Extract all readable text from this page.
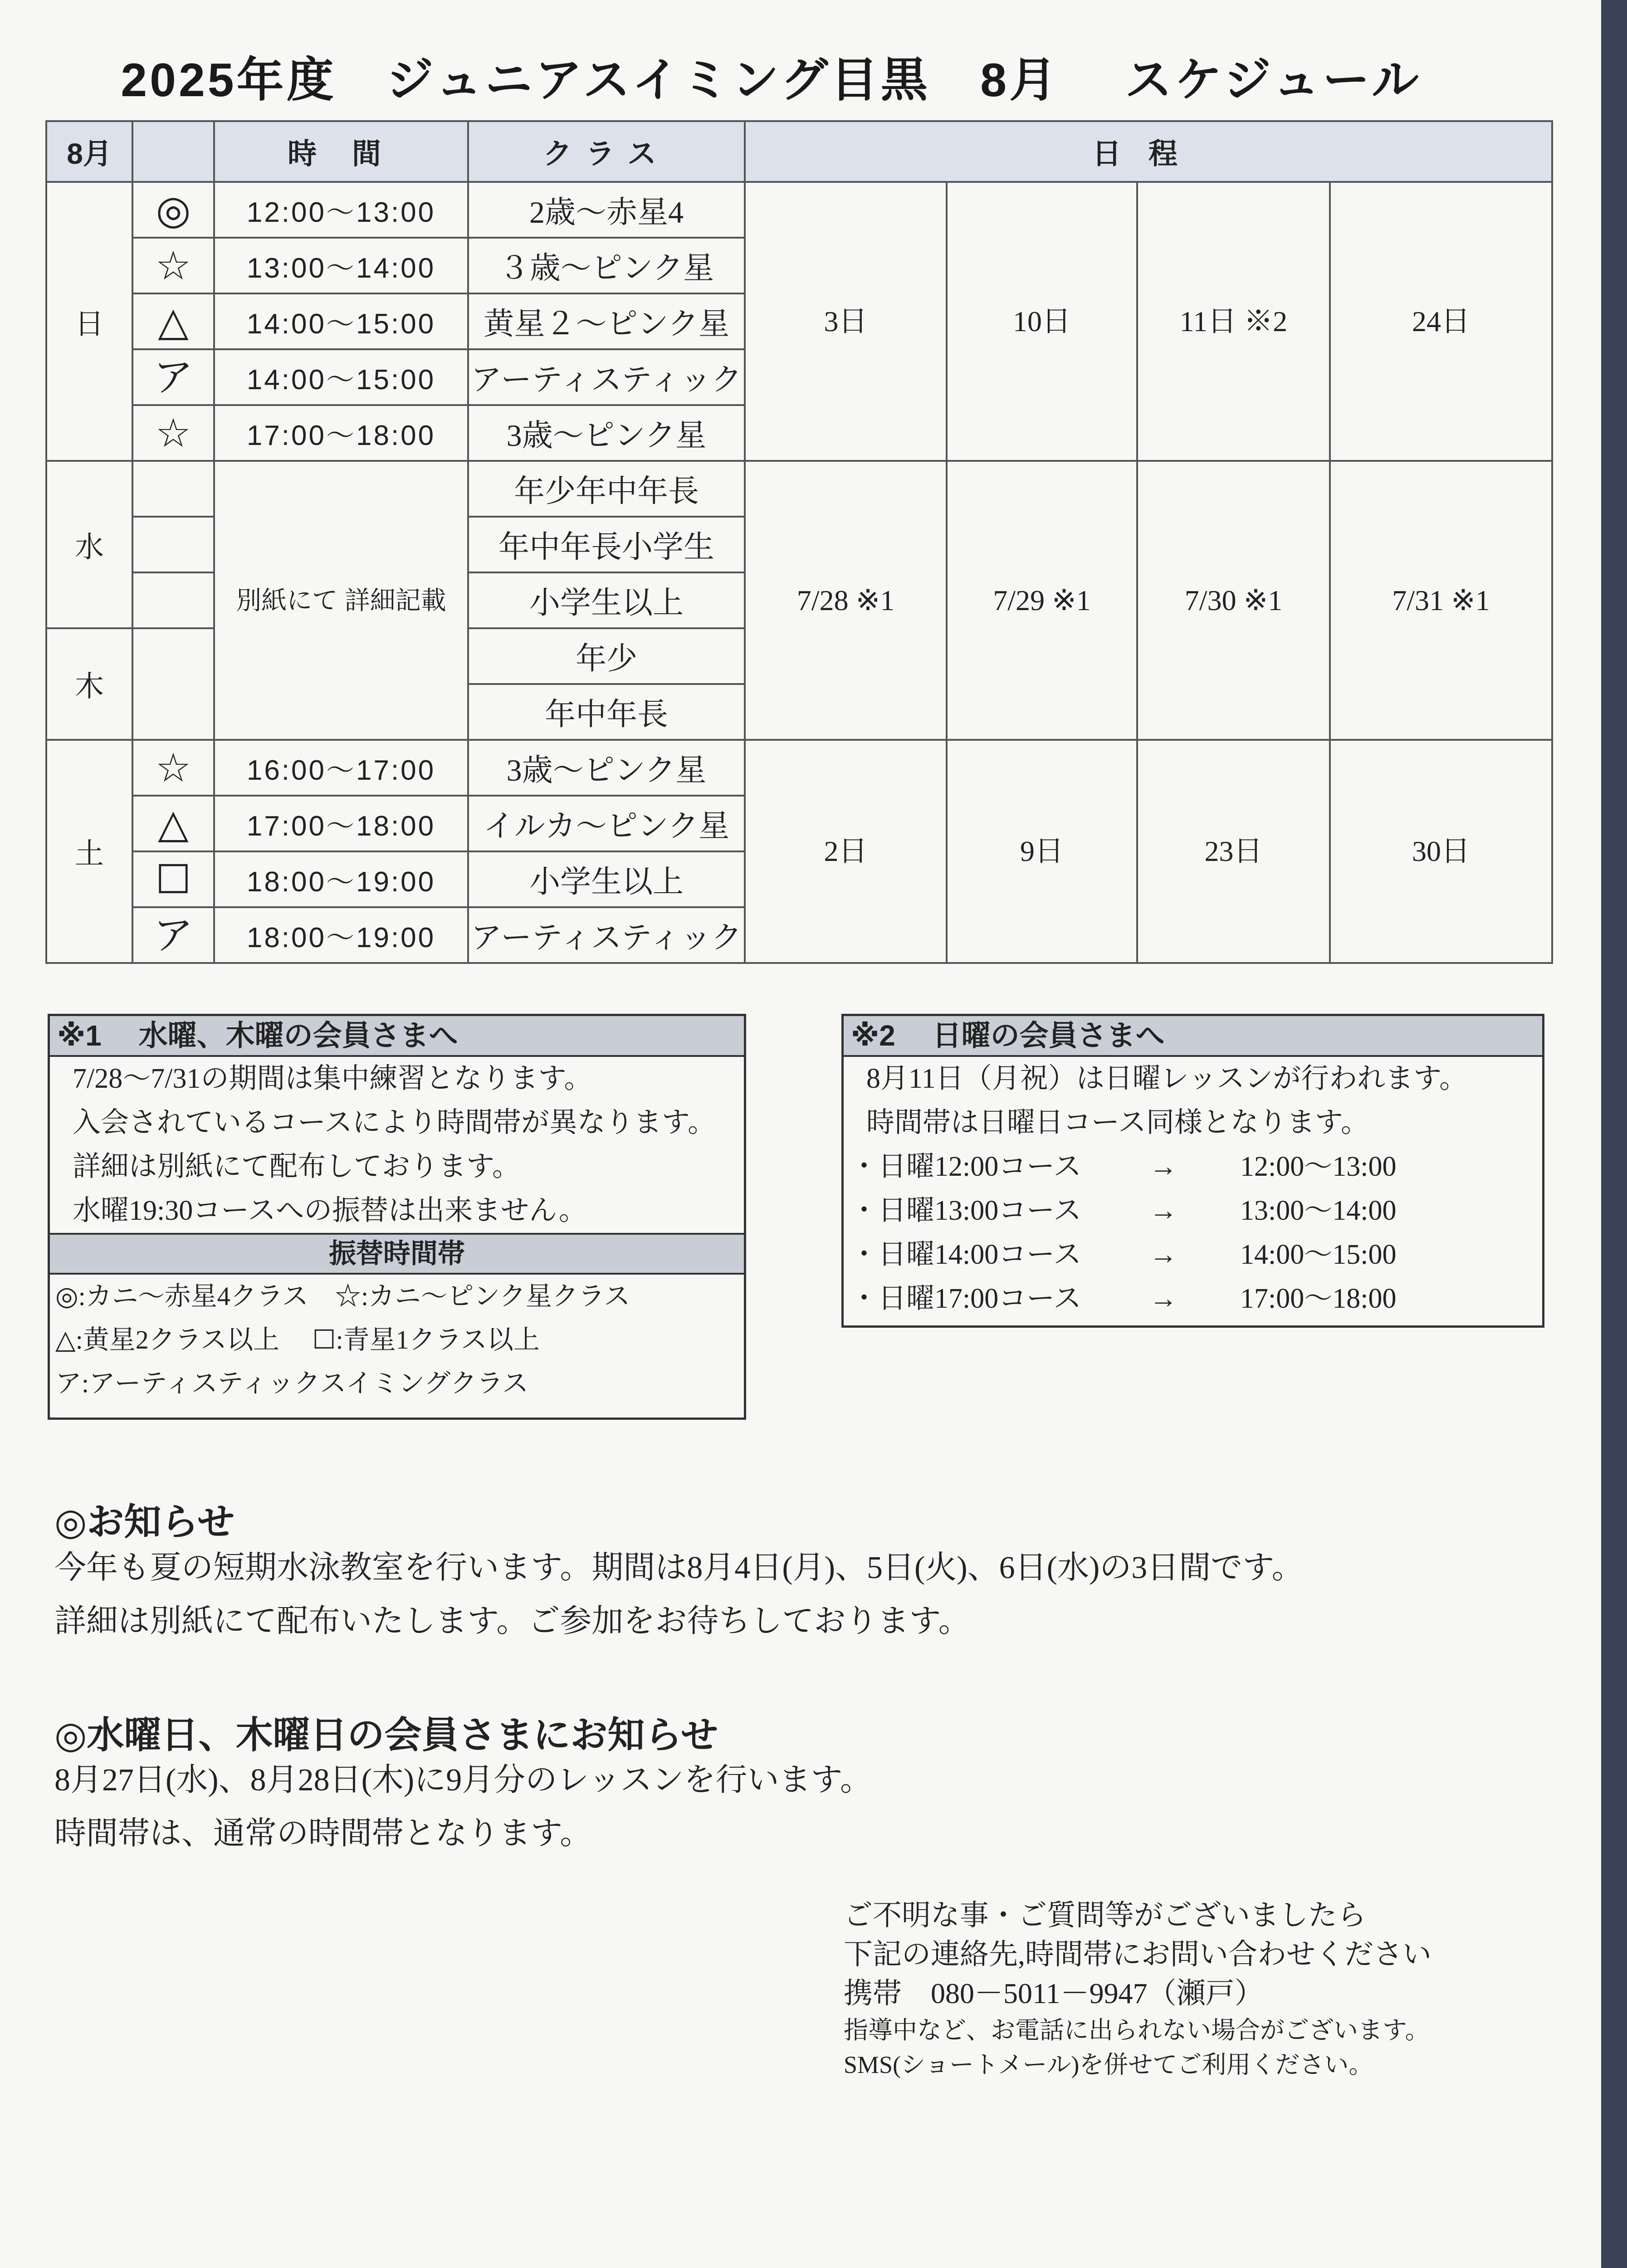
2025年度　ジュニアスイミング目黒　8月　 スケジュール
8月		時 間	クラス	日程			
日	◎	12:00～13:00	2歳～赤星4	3日	10日	11日 ※2	24日
	☆	13:00～14:00	３歳～ピンク星				
	△	14:00～15:00	黄星２～ピンク星				
	ア	14:00～15:00	アーティスティック				
	☆	17:00～18:00	3歳～ピンク星				
水		別紙にて 詳細記載	年少年中年長	7/28 ※1	7/29 ※1	7/30 ※1	7/31 ※1
			年中年長小学生				
			小学生以上				
木			年少				
			年中年長				
土	☆	16:00～17:00	3歳～ピンク星	2日	9日	23日	30日
	△	17:00～18:00	イルカ～ピンク星				
	☐	18:00～19:00	小学生以上				
	ア	18:00～19:00	アーティスティック				
※1　 水曜、木曜の会員さまへ
7/28～7/31の期間は集中練習となります。
入会されているコースにより時間帯が異なります。
詳細は別紙にて配布しております。
水曜19:30コースへの振替は出来ません。
振替時間帯
◎:カニ～赤星4クラス　☆:カニ～ピンク星クラス
△:黄星2クラス以上　 ☐:青星1クラス以上
ア:アーティスティックスイミングクラス
※2　 日曜の会員さまへ
8月11日（月祝）は日曜レッスンが行われます。
時間帯は日曜日コース同様となります。
・日曜12:00コース	→	12:00～13:00
・日曜13:00コース	→	13:00～14:00
・日曜14:00コース	→	14:00～15:00
・日曜17:00コース	→	17:00～18:00
◎お知らせ
今年も夏の短期水泳教室を行います。期間は8月4日(月)、5日(火)、6日(水)の3日間です。
詳細は別紙にて配布いたします。ご参加をお待ちしております。
◎水曜日、木曜日の会員さまにお知らせ
8月27日(水)、8月28日(木)に9月分のレッスンを行います。
時間帯は、通常の時間帯となります。
ご不明な事・ご質問等がございましたら
下記の連絡先,時間帯にお問い合わせください
携帯　080－5011－9947（瀬戸）
指導中など、お電話に出られない場合がございます。
SMS(ショートメール)を併せてご利用ください。
